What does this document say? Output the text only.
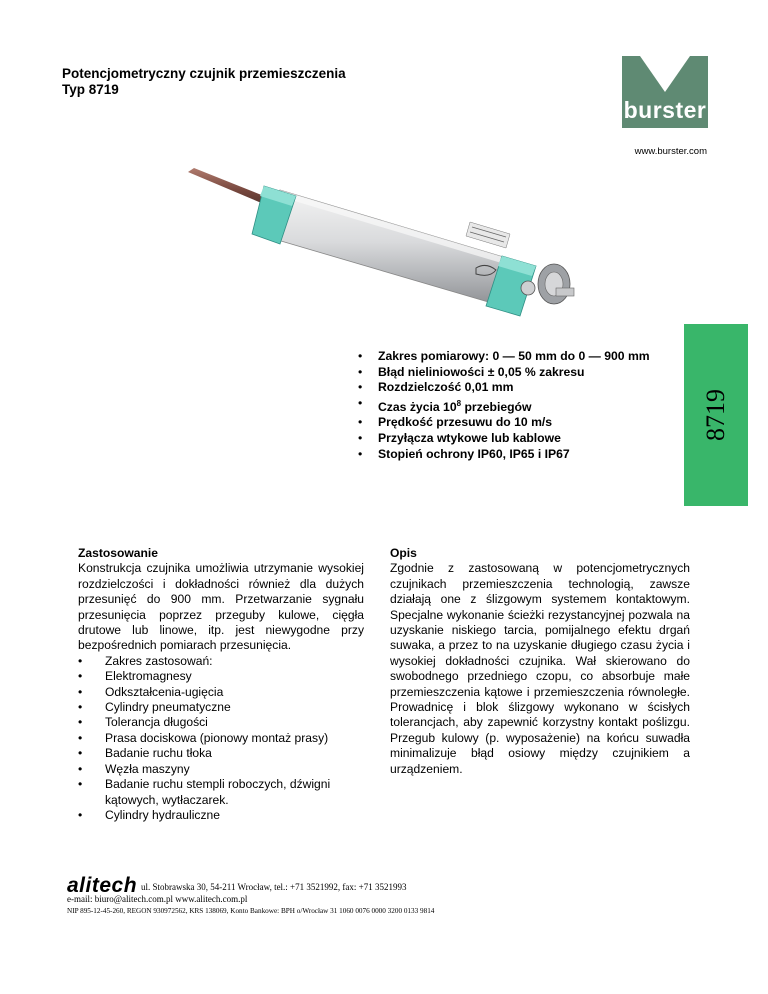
Potencjometryczny czujnik przemieszczenia
Typ 8719
burster
www.burster.com
8719
• Zakres pomiarowy: 0 — 50 mm do 0 — 900 mm
• Błąd nieliniowości ± 0,05 % zakresu
• Rozdzielczość 0,01 mm
• Czas życia $10^8$ przebiegów
• Prędkość przesuwu do 10 m/s
• Przyłącza wtykowe lub kablowe
• Stopień ochrony IP60, IP65 i IP67
Zastosowanie

Konstrukcja czujnika umożliwia utrzymanie wysokiej rozdzielczości i dokładności również dla dużych przesunięć do 900 mm. Przetwarzanie sygnału przesunięcia poprzez przeguby kulowe, cięgła drutowe lub linowe, itp. jest niewygodne przy bezpośrednich pomiarach przesunięcia.

• Zakres zastosowań:
• Elektromagnesy
• Odkształcenia-ugięcia
• Cylindry pneumatyczne
• Tolerancja długości
• Prasa dociskowa (pionowy montaż prasy)
• Badanie ruchu tłoka
• Węzła maszyny
• Badanie ruchu stempli roboczych, dźwigni kątowych, wytłaczarek.
• Cylindry hydrauliczne
Opis

Zgodnie z zastosowaną w potencjometrycznych czujnikach przemieszczenia technologią, zawsze działają one z ślizgowym systemem kontaktowym. Specjalne wykonanie ścieżki rezystancyjnej pozwala na uzyskanie niskiego tarcia, pomijalnego efektu drgań suwaka, a przez to na uzyskanie długiego czasu życia i wysokiej dokładności czujnika. Wał skierowano do swobodnego przedniego czopu, co absorbuje małe przemieszczenia kątowe i przemieszczenia równoległe. Prowadnicę i blok ślizgowy wykonano w ścisłych tolerancjach, aby zapewnić korzystny kontakt poślizgu. Przegub kulowy (p. wyposażenie) na końcu suwadła minimalizuje błąd osiowy między czujnikiem a urządzeniem.

alitech ul. Stobrawska 30, 54-211 Wrocław, tel.: +71 3521992, fax: +71 3521993
e-mail: biuro@alitech.com.pl www.alitech.com.pl
NIP 895-12-45-260, REGON 930972562, KRS 138069, Konto Bankowe: BPH o/Wrocław 31 1060 0076 0000 3200 0133 9814
